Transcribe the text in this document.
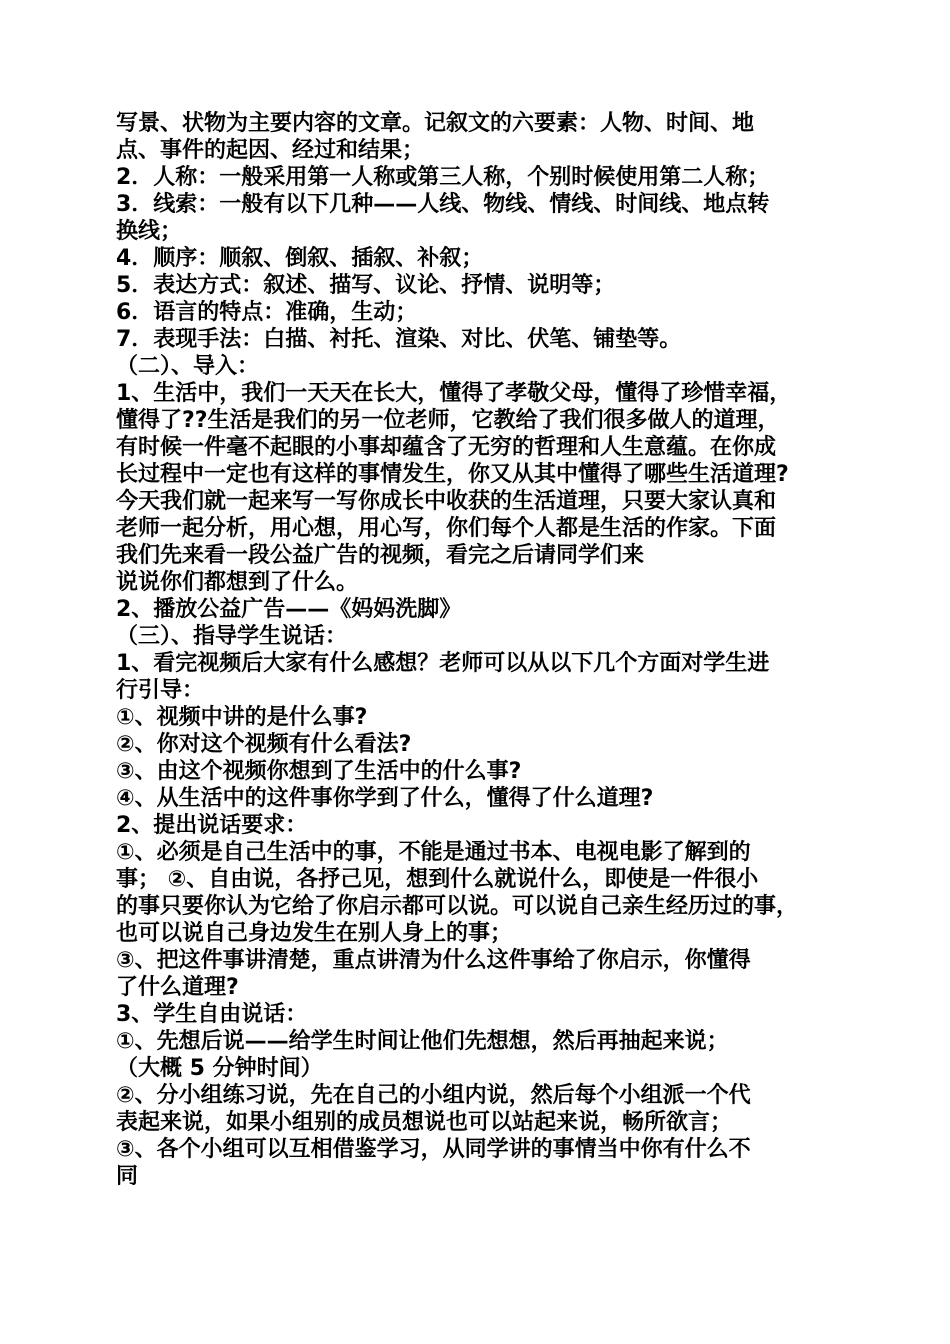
写景、状物为主要内容的文章。记叙文的六要素：人物、时间、地
点、事件的起因、经过和结果；
2．人称：一般采用第一人称或第三人称，个别时候使用第二人称；
3．线索：一般有以下几种——人线、物线、情线、时间线、地点转
换线；
4．顺序：顺叙、倒叙、插叙、补叙；
5．表达方式：叙述、描写、议论、抒情、说明等；
6．语言的特点：准确，生动；
7．表现手法：白描、衬托、渲染、对比、伏笔、铺垫等。
（二）、导入：
1、生活中，我们一天天在长大，懂得了孝敬父母，懂得了珍惜幸福，
懂得了??生活是我们的另一位老师，它教给了我们很多做人的道理，
有时候一件毫不起眼的小事却蕴含了无穷的哲理和人生意蕴。在你成
长过程中一定也有这样的事情发生，你又从其中懂得了哪些生活道理?
今天我们就一起来写一写你成长中收获的生活道理，只要大家认真和
老师一起分析，用心想，用心写，你们每个人都是生活的作家。下面
我们先来看一段公益广告的视频，看完之后请同学们来
说说你们都想到了什么。
2、播放公益广告——《妈妈洗脚》
（三）、指导学生说话：
1、看完视频后大家有什么感想？老师可以从以下几个方面对学生进
行引导：
①、视频中讲的是什么事?
②、你对这个视频有什么看法?
③、由这个视频你想到了生活中的什么事?
④、从生活中的这件事你学到了什么，懂得了什么道理?
2、提出说话要求：
①、必须是自己生活中的事，不能是通过书本、电视电影了解到的
事； ②、自由说，各抒己见，想到什么就说什么，即使是一件很小
的事只要你认为它给了你启示都可以说。可以说自己亲生经历过的事，
也可以说自己身边发生在别人身上的事；
③、把这件事讲清楚，重点讲清为什么这件事给了你启示，你懂得
了什么道理?
3、学生自由说话：
①、先想后说——给学生时间让他们先想想，然后再抽起来说；
（大概 5 分钟时间）
②、分小组练习说，先在自己的小组内说，然后每个小组派一个代
表起来说，如果小组别的成员想说也可以站起来说，畅所欲言；
③、各个小组可以互相借鉴学习，从同学讲的事情当中你有什么不
同
